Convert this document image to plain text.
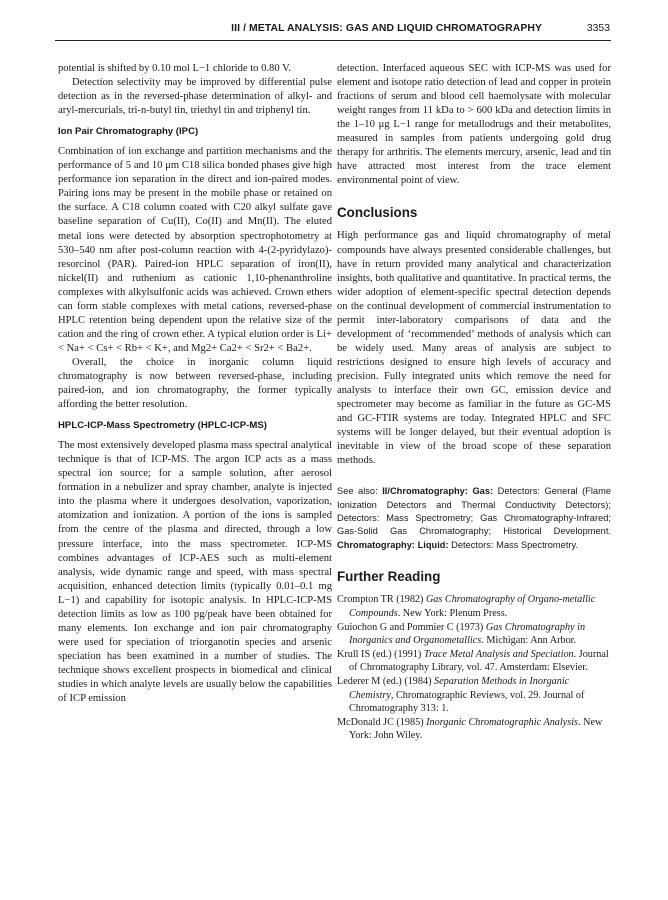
III / METAL ANALYSIS: GAS AND LIQUID CHROMATOGRAPHY	3353

potential is shifted by 0.10 mol L−1 chloride to 0.80 V.

Detection selectivity may be improved by differential pulse detection as in the reversed-phase determination of alkyl- and aryl-mercurials, tri-n-butyl tin, triethyl tin and triphenyl tin.

Ion Pair Chromatography (IPC)

Combination of ion exchange and partition mechanisms and the performance of 5 and 10 μm C18 silica bonded phases give high performance ion separation in the direct and ion-paired modes. Pairing ions may be present in the mobile phase or retained on the surface. A C18 column coated with C20 alkyl sulfate gave baseline separation of Cu(II), Co(II) and Mn(II). The eluted metal ions were detected by absorption spectrophotometry at 530–540 nm after post-column reaction with 4-(2-pyridylazo)-resorcinol (PAR). Paired-ion HPLC separation of iron(II), nickel(II) and ruthenium as cationic 1,10-phenanthroline complexes with alkylsulfonic acids was achieved. Crown ethers can form stable complexes with metal cations, reversed-phase HPLC retention being dependent upon the relative size of the cation and the ring of crown ether. A typical elution order is Li+ < Na+ < Cs+ < Rb+ < K+, and Mg2+ Ca2+ < Sr2+ < Ba2+.

Overall, the choice in inorganic column liquid chromatography is now between reversed-phase, including paired-ion, and ion chromatography, the former typically affording the better resolution.

HPLC-ICP-Mass Spectrometry (HPLC-ICP-MS)

The most extensively developed plasma mass spectral analytical technique is that of ICP-MS. The argon ICP acts as a mass spectral ion source; for a sample solution, after aerosol formation in a nebulizer and spray chamber, analyte is injected into the plasma where it undergoes desolvation, vaporization, atomization and ionization. A portion of the ions is sampled from the centre of the plasma and directed, through a low pressure interface, into the mass spectrometer. ICP-MS combines advantages of ICP-AES such as multi-element analysis, wide dynamic range and speed, with mass spectral acquisition, enhanced detection limits (typically 0.01–0.1 mg L−1) and capability for isotopic analysis. In HPLC-ICP-MS detection limits as low as 100 pg/peak have been obtained for many elements. Ion exchange and ion pair chromatography were used for speciation of triorganotin species and arsenic speciation has been examined in a number of studies. The technique shows excellent prospects in biomedical and clinical studies in which analyte levels are usually below the capabilities of ICP emission

detection. Interfaced aqueous SEC with ICP-MS was used for element and isotope ratio detection of lead and copper in protein fractions of serum and blood cell haemolysate with molecular weight ranges from 11 kDa to > 600 kDa and detection limits in the 1–10 μg L−1 range for metallodrugs and their metabolites, measured in samples from patients undergoing gold drug therapy for arthritis. The elements mercury, arsenic, lead and tin have attracted most interest from the trace element environmental point of view.

Conclusions

High performance gas and liquid chromatography of metal compounds have always presented considerable challenges, but have in return provided many analytical and characterization insights, both qualitative and quantitative. In practical terms, the wider adoption of element-specific spectral detection depends on the continual development of commercial instrumentation to permit inter-laboratory comparisons of data and the development of ‘recommended’ methods of analysis which can be widely used. Many areas of analysis are subject to restrictions designed to ensure high levels of accuracy and precision. Fully integrated units which remove the need for analysts to interface their own GC, emission device and spectrometer may become as familiar in the future as GC-MS and GC-FTIR systems are today. Integrated HPLC and SFC systems will be longer delayed, but their eventual adoption is inevitable in view of the broad scope of these separation methods.

See also: II/Chromatography: Gas: Detectors: General (Flame Ionization Detectors and Thermal Conductivity Detectors); Detectors: Mass Spectrometry; Gas Chromatography-Infrared; Gas-Solid Gas Chromatography; Historical Development. Chromatography: Liquid: Detectors: Mass Spectrometry.
Further Reading
Crompton TR (1982) Gas Chromatography of Organo-metallic Compounds. New York: Plenum Press.
Guiochon G and Pommier C (1973) Gas Chromatography in Inorganics and Organometallics. Michigan: Ann Arbor.
Krull IS (ed.) (1991) Trace Metal Analysis and Speciation. Journal of Chromatography Library, vol. 47. Amsterdam: Elsevier.
Lederer M (ed.) (1984) Separation Methods in Inorganic Chemistry, Chromatographic Reviews, vol. 29. Journal of Chromatography 313: 1.
McDonald JC (1985) Inorganic Chromatographic Analysis. New York: John Wiley.
